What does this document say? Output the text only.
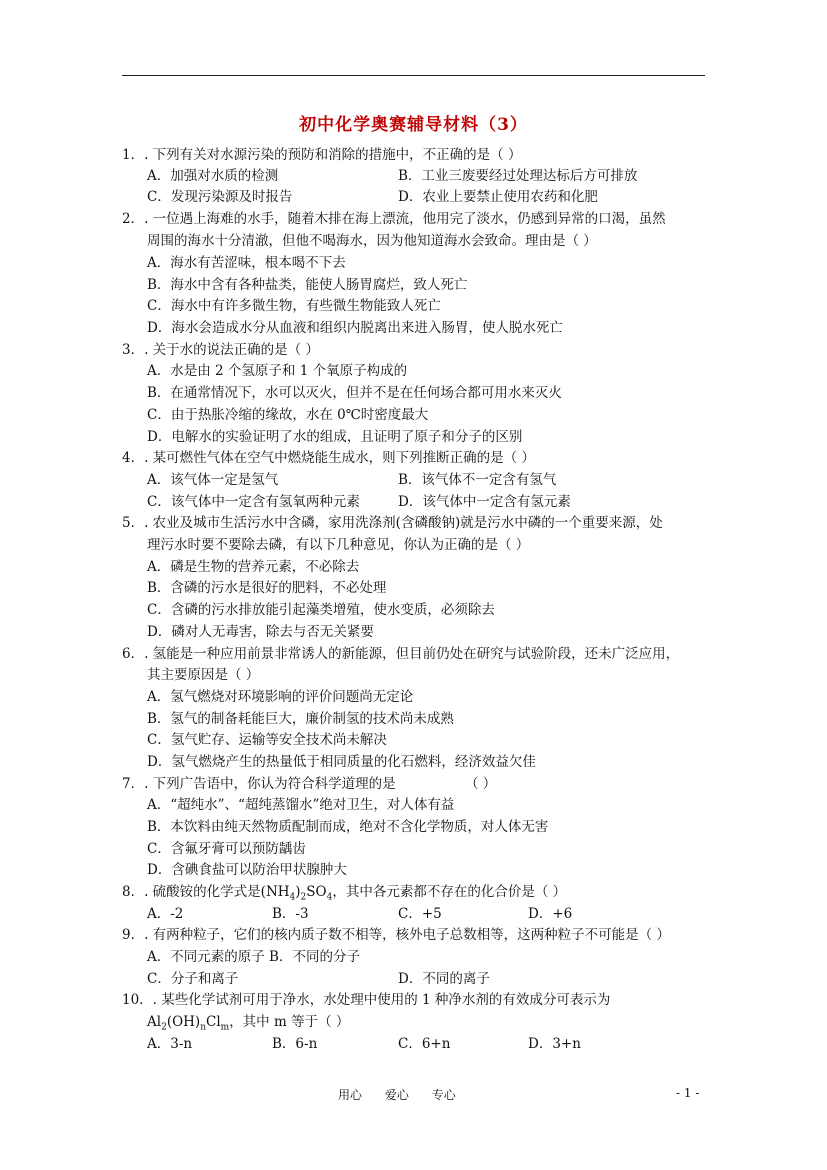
初中化学奥赛辅导材料（3）
1．. 下列有关对水源污染的预防和消除的措施中，不正确的是（ ）
A．加强对水质的检测	B．工业三废要经过处理达标后方可排放
C．发现污染源及时报告	D．农业上要禁止使用农药和化肥
2．. 一位遇上海难的水手，随着木排在海上漂流，他用完了淡水，仍感到异常的口渴，虽然
周围的海水十分清澈，但他不喝海水，因为他知道海水会致命。理由是（ ）
A．海水有苦涩味，根本喝不下去
B．海水中含有各种盐类，能使人肠胃腐烂，致人死亡
C．海水中有许多微生物，有些微生物能致人死亡
D．海水会造成水分从血液和组织内脱离出来进入肠胃，使人脱水死亡
3．. 关于水的说法正确的是（ ）
A．水是由 2 个氢原子和 1 个氧原子构成的
B．在通常情况下，水可以灭火，但并不是在任何场合都可用水来灭火
C．由于热胀冷缩的缘故，水在 0℃时密度最大
D．电解水的实验证明了水的组成，且证明了原子和分子的区别
4．. 某可燃性气体在空气中燃烧能生成水，则下列推断正确的是（ ）
A．该气体一定是氢气	B．该气体不一定含有氢气
C．该气体中一定含有氢氧两种元素	D．该气体中一定含有氢元素
5．. 农业及城市生活污水中含磷，家用洗涤剂(含磷酸钠)就是污水中磷的一个重要来源，处
理污水时要不要除去磷，有以下几种意见，你认为正确的是（ ）
A．磷是生物的营养元素，不必除去
B．含磷的污水是很好的肥料，不必处理
C．含磷的污水排放能引起藻类增殖，使水变质，必须除去
D．磷对人无毒害，除去与否无关紧要
6．. 氢能是一种应用前景非常诱人的新能源，但目前仍处在研究与试验阶段，还未广泛应用，
其主要原因是（ ）
A．氢气燃烧对环境影响的评价问题尚无定论
B．氢气的制备耗能巨大，廉价制氢的技术尚未成熟
C．氢气贮存、运输等安全技术尚未解决
D．氢气燃烧产生的热量低于相同质量的化石燃料，经济效益欠佳
7．. 下列广告语中，你认为符合科学道理的是	（ ）
A．“超纯水”、“超纯蒸馏水”绝对卫生，对人体有益
B．本饮料由纯天然物质配制而成，绝对不含化学物质，对人体无害
C．含氟牙膏可以预防龋齿
D．含碘食盐可以防治甲状腺肿大
8．. 硫酸铵的化学式是$(NH_4)_2SO_4$，其中各元素都不存在的化合价是（ ）
A．-2	B．-3	C．+5	D．+6
9．. 有两种粒子，它们的核内质子数不相等，核外电子总数相等，这两种粒子不可能是（ ）
A．不同元素的原子 B．不同的分子
C．分子和离子	D．不同的离子
10．. 某些化学试剂可用于净水，水处理中使用的 1 种净水剂的有效成分可表示为
$Al_2(OH)_nCl_m$，其中 m 等于（ ）
A．3-n	B．6-n	C．6+n	D．3+n
用心      爱心      专心	- 1 -
